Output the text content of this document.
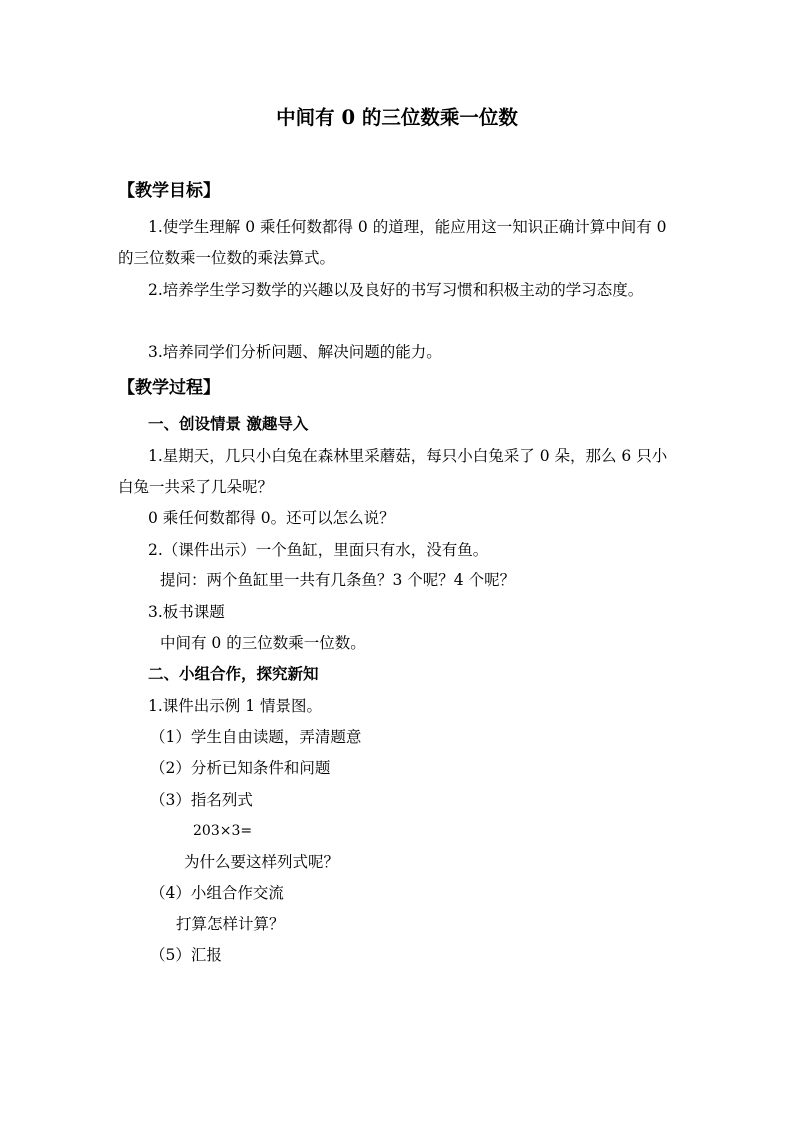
中间有 0 的三位数乘一位数
【教学目标】
1.使学生理解 0 乘任何数都得 0 的道理，能应用这一知识正确计算中间有 0
的三位数乘一位数的乘法算式。
2.培养学生学习数学的兴趣以及良好的书写习惯和积极主动的学习态度。
3.培养同学们分析问题、解决问题的能力。
【教学过程】
一、创设情景 激趣导入
1.星期天，几只小白兔在森林里采蘑菇，每只小白兔采了 0 朵，那么 6 只小
白兔一共采了几朵呢？
0 乘任何数都得 0。还可以怎么说？
2.（课件出示）一个鱼缸，里面只有水，没有鱼。
提问：两个鱼缸里一共有几条鱼？3 个呢？4 个呢？
3.板书课题
中间有 0 的三位数乘一位数。
二、小组合作，探究新知
1.课件出示例 1 情景图。
（1）学生自由读题，弄清题意
（2）分析已知条件和问题
（3）指名列式
203×3=
为什么要这样列式呢？
（4）小组合作交流
打算怎样计算？
（5）汇报
